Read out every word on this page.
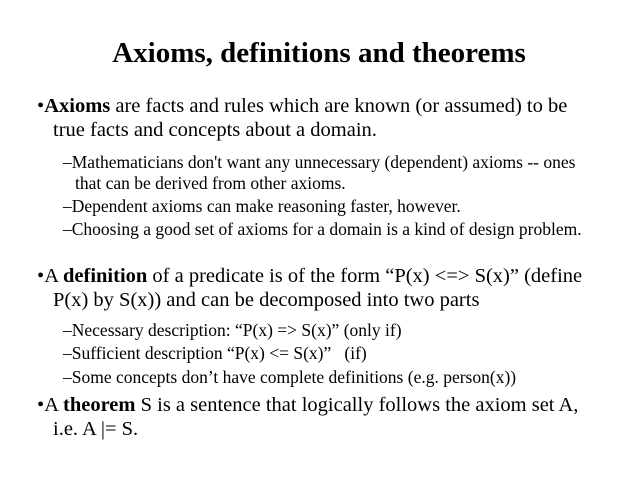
Axioms, definitions and theorems

•Axioms are facts and rules which are known (or assumed) to be true facts and concepts about a domain.

–Mathematicians don't want any unnecessary (dependent) axioms -- ones that can be derived from other axioms.

–Dependent axioms can make reasoning faster, however.

–Choosing a good set of axioms for a domain is a kind of design problem.

•A definition of a predicate is of the form “P(x) <=> S(x)” (define P(x) by S(x)) and can be decomposed into two parts

–Necessary description: “P(x) => S(x)” (only if)

–Sufficient description “P(x) <= S(x)”   (if)

–Some concepts don’t have complete definitions (e.g. person(x))

•A theorem S is a sentence that logically follows the axiom set A, i.e. A |= S.
